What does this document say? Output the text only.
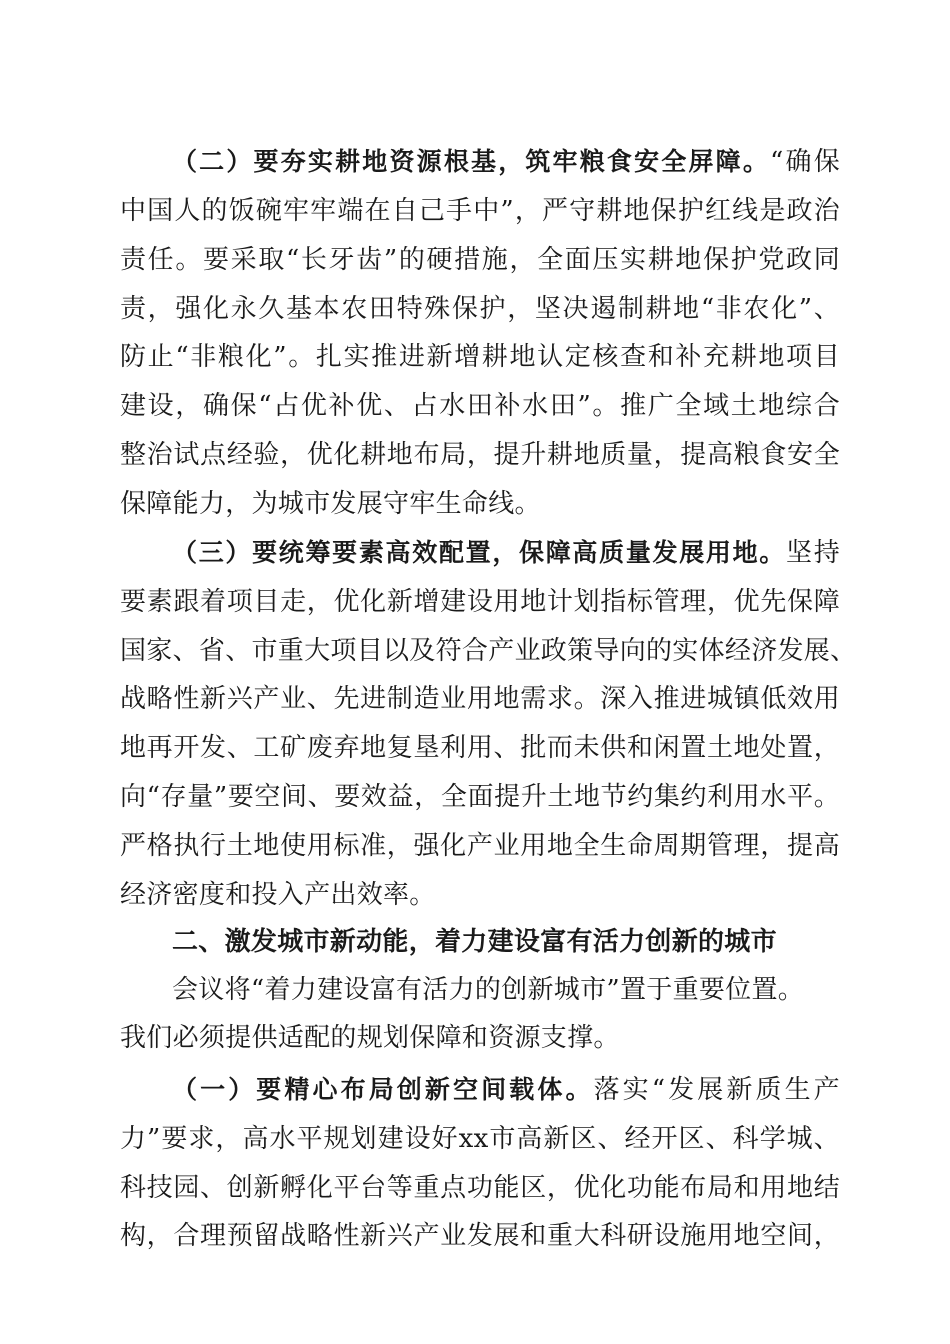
（二）要夯实耕地资源根基，筑牢粮食安全屏障。“确保
中国人的饭碗牢牢端在自己手中”，严守耕地保护红线是政治
责任。要采取“长牙齿”的硬措施，全面压实耕地保护党政同
责，强化永久基本农田特殊保护，坚决遏制耕地“非农化”、
防止“非粮化”。扎实推进新增耕地认定核查和补充耕地项目
建设，确保“占优补优、占水田补水田”。推广全域土地综合
整治试点经验，优化耕地布局，提升耕地质量，提高粮食安全
保障能力，为城市发展守牢生命线。
（三）要统筹要素高效配置，保障高质量发展用地。坚持
要素跟着项目走，优化新增建设用地计划指标管理，优先保障
国家、省、市重大项目以及符合产业政策导向的实体经济发展、
战略性新兴产业、先进制造业用地需求。深入推进城镇低效用
地再开发、工矿废弃地复垦利用、批而未供和闲置土地处置，
向“存量”要空间、要效益，全面提升土地节约集约利用水平。
严格执行土地使用标准，强化产业用地全生命周期管理，提高
经济密度和投入产出效率。
二、激发城市新动能，着力建设富有活力创新的城市
会议将“着力建设富有活力的创新城市”置于重要位置。
我们必须提供适配的规划保障和资源支撑。
（一）要精心布局创新空间载体。落实“发展新质生产
力”要求，高水平规划建设好xx市高新区、经开区、科学城、
科技园、创新孵化平台等重点功能区，优化功能布局和用地结
构，合理预留战略性新兴产业发展和重大科研设施用地空间，
